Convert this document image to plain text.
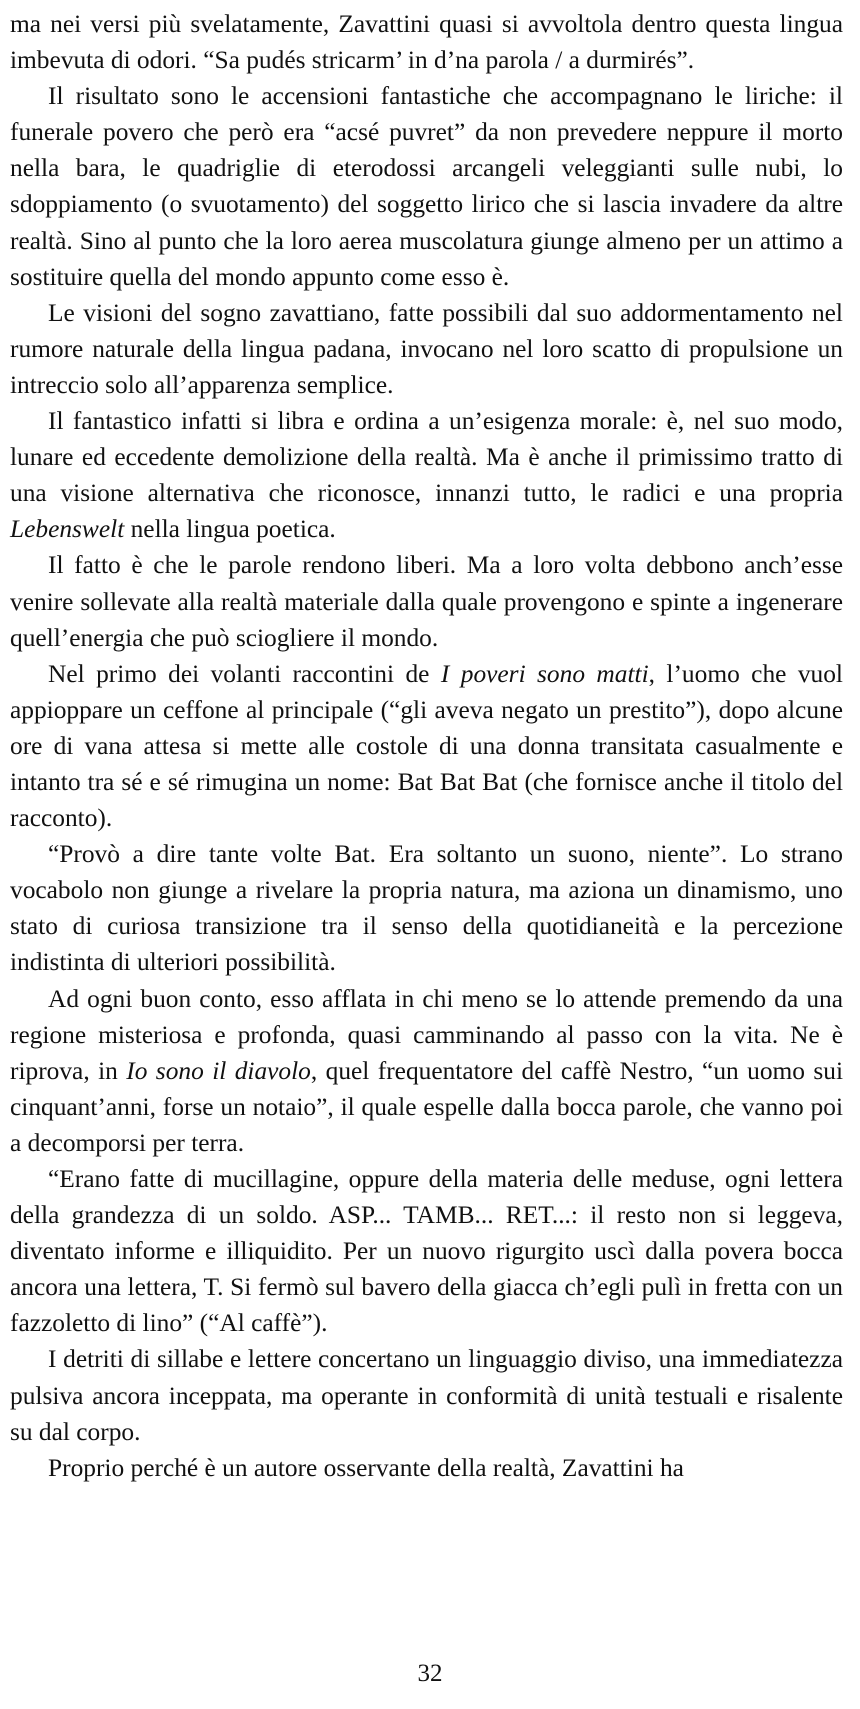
ma nei versi più svelatamente, Zavattini quasi si avvoltola dentro questa lingua imbevuta di odori. “Sa pudés stricarm’ in d’na parola / a durmirés”.

Il risultato sono le accensioni fantastiche che accompagnano le liriche: il funerale povero che però era “acsé puvret” da non prevedere neppure il morto nella bara, le quadriglie di eterodossi arcangeli veleggianti sulle nubi, lo sdoppiamento (o svuotamento) del soggetto lirico che si lascia invadere da altre realtà. Sino al punto che la loro aerea muscolatura giunge almeno per un attimo a sostituire quella del mondo appunto come esso è.

Le visioni del sogno zavattiano, fatte possibili dal suo addormentamento nel rumore naturale della lingua padana, invocano nel loro scatto di propulsione un intreccio solo all’apparenza semplice.

Il fantastico infatti si libra e ordina a un’esigenza morale: è, nel suo modo, lunare ed eccedente demolizione della realtà. Ma è anche il primissimo tratto di una visione alternativa che riconosce, innanzi tutto, le radici e una propria Lebenswelt nella lingua poetica.

Il fatto è che le parole rendono liberi. Ma a loro volta debbono anch’esse venire sollevate alla realtà materiale dalla quale provengono e spinte a ingenerare quell’energia che può sciogliere il mondo.

Nel primo dei volanti raccontini de I poveri sono matti, l’uomo che vuol appioppare un ceffone al principale (“gli aveva negato un prestito”), dopo alcune ore di vana attesa si mette alle costole di una donna transitata casualmente e intanto tra sé e sé rimugina un nome: Bat Bat Bat (che fornisce anche il titolo del racconto).

“Provò a dire tante volte Bat. Era soltanto un suono, niente”. Lo strano vocabolo non giunge a rivelare la propria natura, ma aziona un dinamismo, uno stato di curiosa transizione tra il senso della quotidianeità e la percezione indistinta di ulteriori possibilità.

Ad ogni buon conto, esso afflata in chi meno se lo attende premendo da una regione misteriosa e profonda, quasi camminando al passo con la vita. Ne è riprova, in Io sono il diavolo, quel frequentatore del caffè Nestro, “un uomo sui cinquant’anni, forse un notaio”, il quale espelle dalla bocca parole, che vanno poi a decomporsi per terra.

“Erano fatte di mucillagine, oppure della materia delle meduse, ogni lettera della grandezza di un soldo. ASP... TAMB... RET...: il resto non si leggeva, diventato informe e illiquidito. Per un nuovo rigurgito uscì dalla povera bocca ancora una lettera, T. Si fermò sul bavero della giacca ch’egli pulì in fretta con un fazzoletto di lino” (“Al caffè”).

I detriti di sillabe e lettere concertano un linguaggio diviso, una immediatezza pulsiva ancora inceppata, ma operante in conformità di unità testuali e risalente su dal corpo.

Proprio perché è un autore osservante della realtà, Zavattini ha

32
